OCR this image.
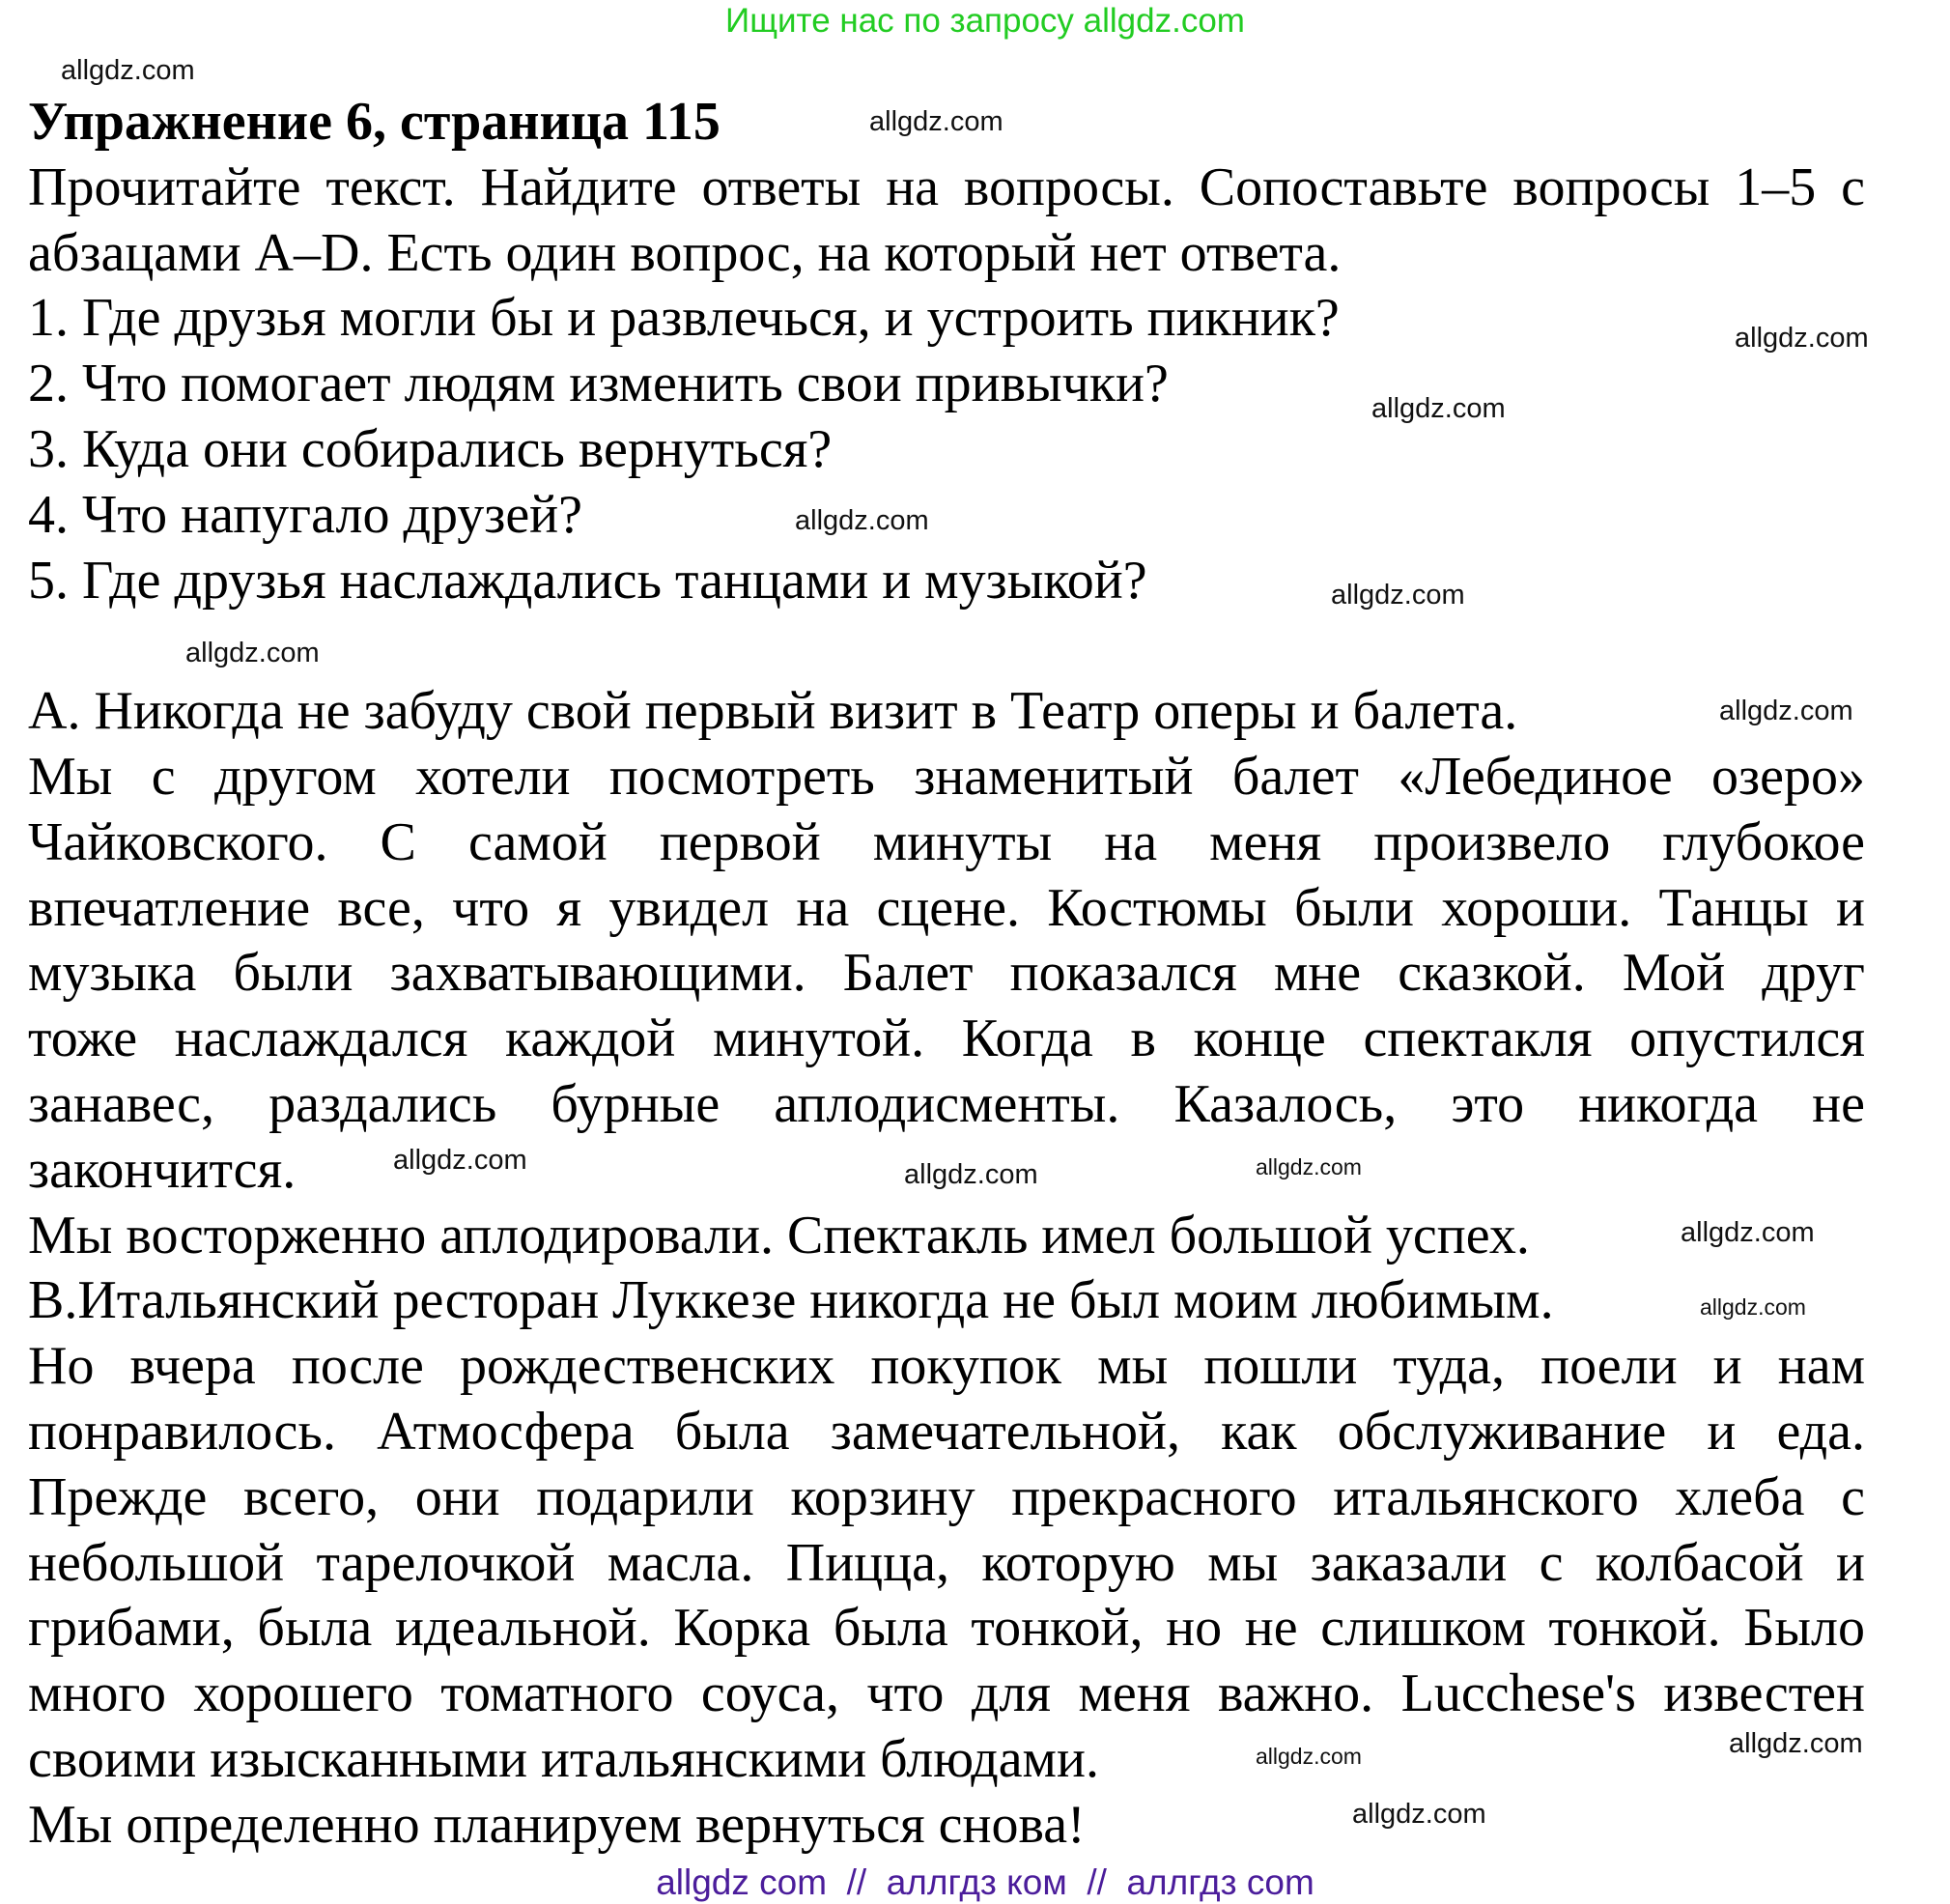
Ищите нас по запросу allgdz.com
Упражнение 6, страница 115
Прочитайте текст. Найдите ответы на вопросы. Сопоставьте вопросы 1–5 с
абзацами A–D. Есть один вопрос, на который нет ответа.
1. Где друзья могли бы и развлечься, и устроить пикник?
2. Что помогает людям изменить свои привычки?
3. Куда они собирались вернуться?
4. Что напугало друзей?
5. Где друзья наслаждались танцами и музыкой?
А. Никогда не забуду свой первый визит в Театр оперы и балета.
Мы с другом хотели посмотреть знаменитый балет «Лебединое озеро»
Чайковского. С самой первой минуты на меня произвело глубокое
впечатление все, что я увидел на сцене. Костюмы были хороши. Танцы и
музыка были захватывающими. Балет показался мне сказкой. Мой друг
тоже наслаждался каждой минутой. Когда в конце спектакля опустился
занавес, раздались бурные аплодисменты. Казалось, это никогда не
закончится.
Мы восторженно аплодировали. Спектакль имел большой успех.
В.Итальянский ресторан Луккезе никогда не был моим любимым.
Но вчера после рождественских покупок мы пошли туда, поели и нам
понравилось. Атмосфера была замечательной, как обслуживание и еда.
Прежде всего, они подарили корзину прекрасного итальянского хлеба с
небольшой тарелочкой масла. Пицца, которую мы заказали с колбасой и
грибами, была идеальной. Корка была тонкой, но не слишком тонкой. Было
много хорошего томатного соуса, что для меня важно. Lucchese's известен
своими изысканными итальянскими блюдами.
Мы определенно планируем вернуться снова!
allgdz.com
allgdz.com
allgdz.com
allgdz.com
allgdz.com
allgdz.com
allgdz.com
allgdz.com
allgdz.com
allgdz.com	allgdz.com
allgdz.com
allgdz.com
allgdz.com	allgdz.com
allgdz.com
allgdz com  //  аллгдз ком  //  аллгдз com
